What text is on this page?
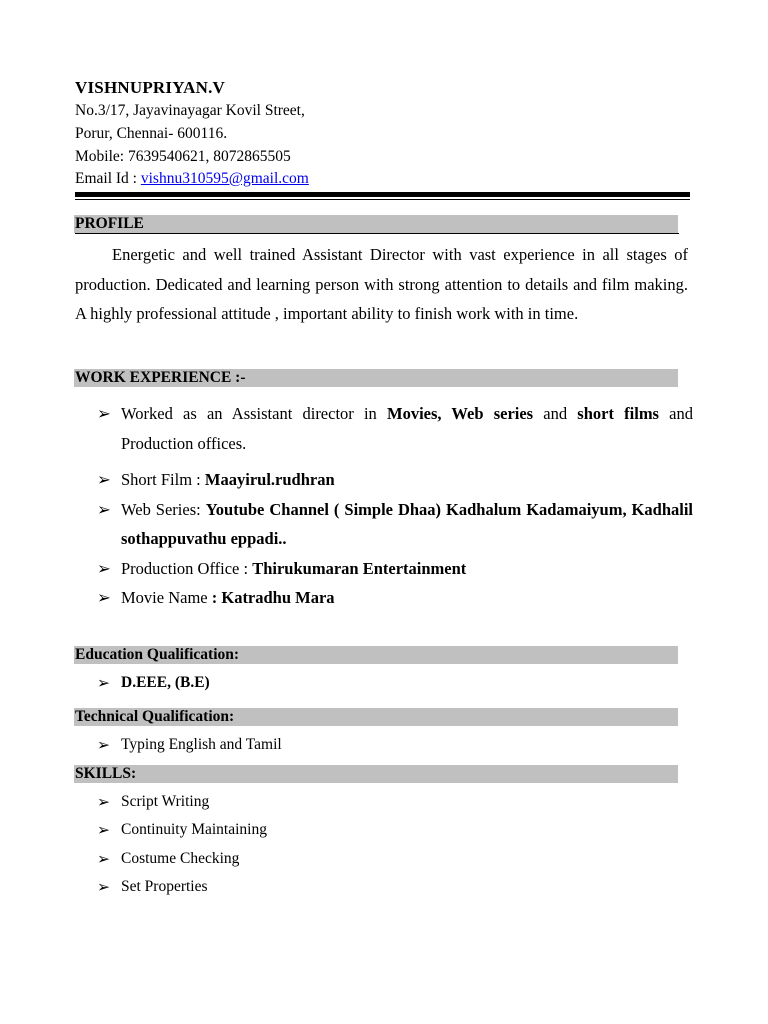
VISHNUPRIYAN.V
No.3/17, Jayavinayagar Kovil Street,
Porur, Chennai- 600116.
Mobile: 7639540621, 8072865505
Email Id : vishnu310595@gmail.com
PROFILE
Energetic and well trained Assistant Director with vast experience in all stages of production. Dedicated and learning person with strong attention to details and film making. A highly professional attitude , important ability to finish work with in time.
WORK EXPERIENCE :-
➢ Worked as an Assistant director in Movies, Web series and short films and Production offices.
➢ Short Film : Maayirul.rudhran
➢ Web Series: Youtube Channel ( Simple Dhaa) Kadhalum Kadamaiyum, Kadhalil sothappuvathu eppadi..
➢ Production Office : Thirukumaran Entertainment
➢ Movie Name : Katradhu Mara
Education Qualification:
➢ D.EEE, (B.E)
Technical Qualification:
➢ Typing English and Tamil
SKILLS:
➢ Script Writing
➢ Continuity Maintaining
➢ Costume Checking
➢ Set Properties
